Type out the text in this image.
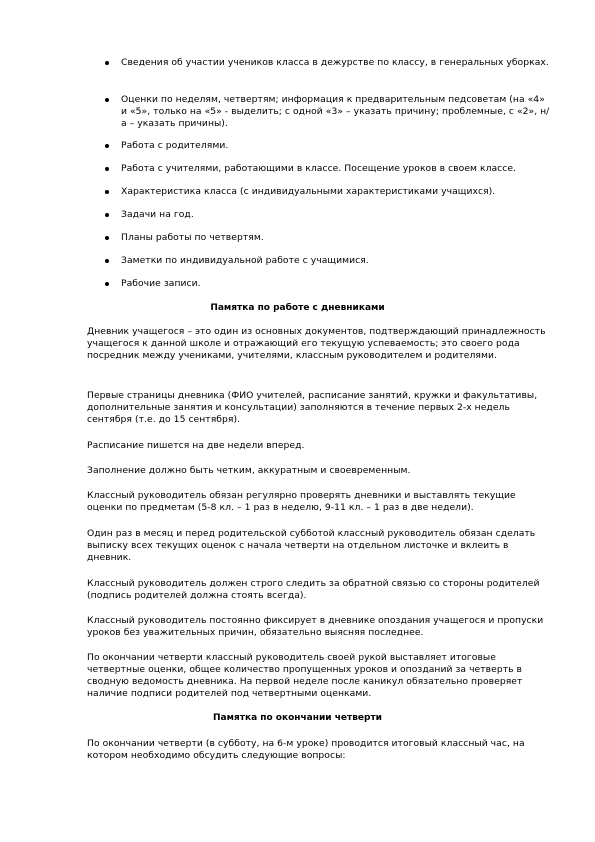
Сведения об участии учеников класса в дежурстве по классу, в генеральных уборках.
Оценки по неделям, четвертям; информация к предварительным педсоветам (на «4» и «5», только на «5» - выделить; с одной «3» – указать причину; проблемные, с «2», н/а – указать причины).
Работа с родителями.
Работа с учителями, работающими в классе. Посещение уроков в своем классе.
Характеристика класса (с индивидуальными характеристиками учащихся).
Задачи на год.
Планы работы по четвертям.
Заметки по индивидуальной работе с учащимися.
Рабочие записи.
Памятка по работе с дневниками

Дневник учащегося – это один из основных документов, подтверждающий принадлежность учащегося к данной школе и отражающий его текущую успеваемость; это своего рода посредник между учениками, учителями, классным руководителем и родителями.

Первые страницы дневника (ФИО учителей, расписание занятий, кружки и факультативы, дополнительные занятия и консультации) заполняются в течение первых 2-х недель сентября (т.е. до 15 сентября).

Расписание пишется на две недели вперед.

Заполнение должно быть четким, аккуратным и своевременным.

Классный руководитель обязан регулярно проверять дневники и выставлять текущие оценки по предметам (5-8 кл. – 1 раз в неделю, 9-11 кл. – 1 раз в две недели).

Один раз в месяц и перед родительской субботой классный руководитель обязан сделать выписку всех текущих оценок с начала четверти на отдельном листочке и вклеить в дневник.

Классный руководитель должен строго следить за обратной связью со стороны родителей (подпись родителей должна стоять всегда).

Классный руководитель постоянно фиксирует в дневнике опоздания учащегося и пропуски уроков без уважительных причин, обязательно выясняя последнее.

По окончании четверти классный руководитель своей рукой выставляет итоговые четвертные оценки, общее количество пропущенных уроков и опозданий за четверть в сводную ведомость дневника. На первой неделе после каникул обязательно проверяет наличие подписи родителей под четвертными оценками.

Памятка по окончании четверти

По окончании четверти (в субботу, на 6-м уроке) проводится итоговый классный час, на котором необходимо обсудить следующие вопросы:
